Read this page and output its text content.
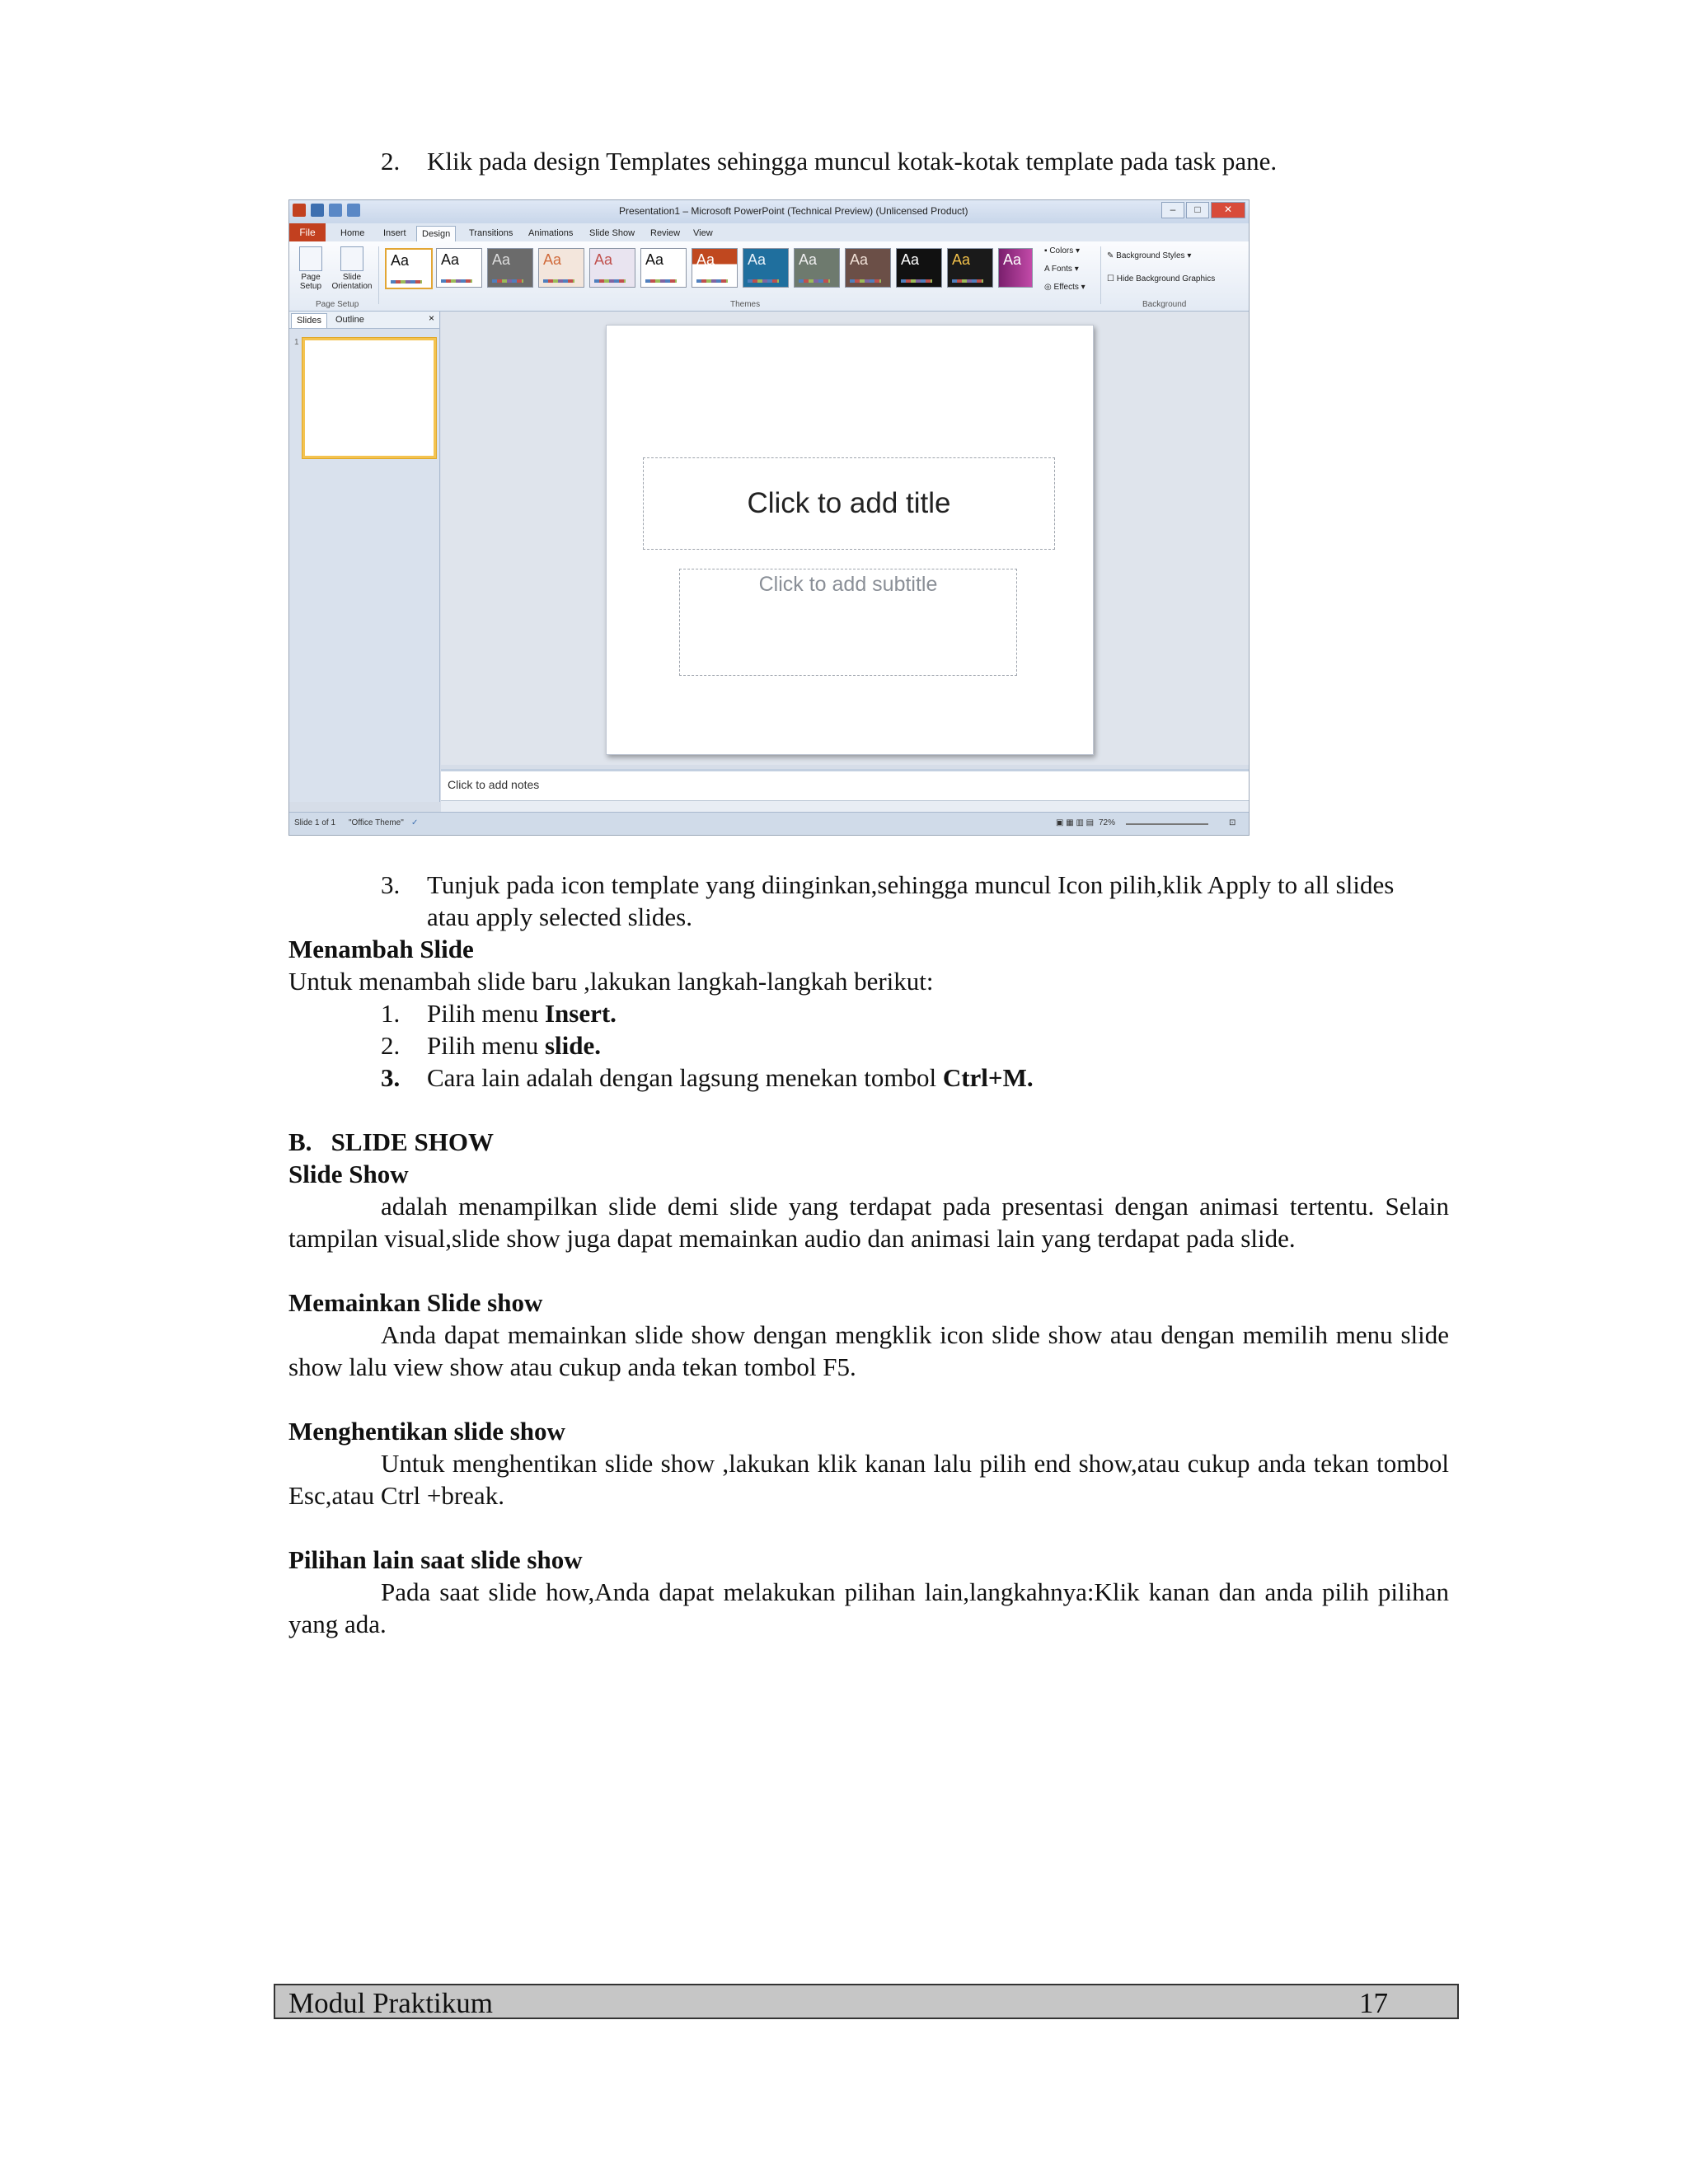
2. Klik pada design Templates sehingga muncul kotak-kotak template pada task pane.
Presentation1 – Microsoft PowerPoint (Technical Preview) (Unlicensed Product)	–	□	✕
File	Home	Insert	Design	Transitions	Animations	Slide Show	Review	View
Page Setup
Slide Orientation
Page Setup
Aa Aa Aa Aa Aa Aa Aa Aa Aa Aa Aa Aa Aa
Themes
▪ Colors ▾
A Fonts ▾
◎ Effects ▾
✎ Background Styles ▾
☐ Hide Background Graphics
Background
Slides	Outline	×
1
Click to add title
Click to add subtitle
Click to add notes
Slide 1 of 1 "Office Theme" ✓	▣ ▦ ▥ ▤ 72%	⊡
3. Tunjuk pada icon template yang diinginkan,sehingga muncul Icon pilih,klik Apply to all slides
atau apply selected slides.
Menambah Slide
Untuk menambah slide baru ,lakukan langkah-langkah berikut:
1. Pilih menu Insert.
2. Pilih menu slide.
3. Cara lain adalah dengan lagsung menekan tombol Ctrl+M.
B.   SLIDE SHOW
Slide Show
adalah menampilkan slide demi slide yang terdapat pada presentasi dengan animasi tertentu. Selain tampilan visual,slide show juga dapat memainkan audio dan animasi lain yang terdapat pada slide.
Memainkan Slide show
Anda dapat memainkan slide show dengan mengklik icon slide show atau dengan memilih menu slide show lalu view show atau cukup anda tekan tombol F5.
Menghentikan slide show
Untuk menghentikan slide show ,lakukan klik kanan lalu pilih end show,atau cukup anda tekan tombol Esc,atau Ctrl +break.
Pilihan lain saat slide show
Pada saat slide how,Anda dapat melakukan pilihan lain,langkahnya:Klik kanan dan anda pilih pilihan yang ada.
Modul Praktikum	17
